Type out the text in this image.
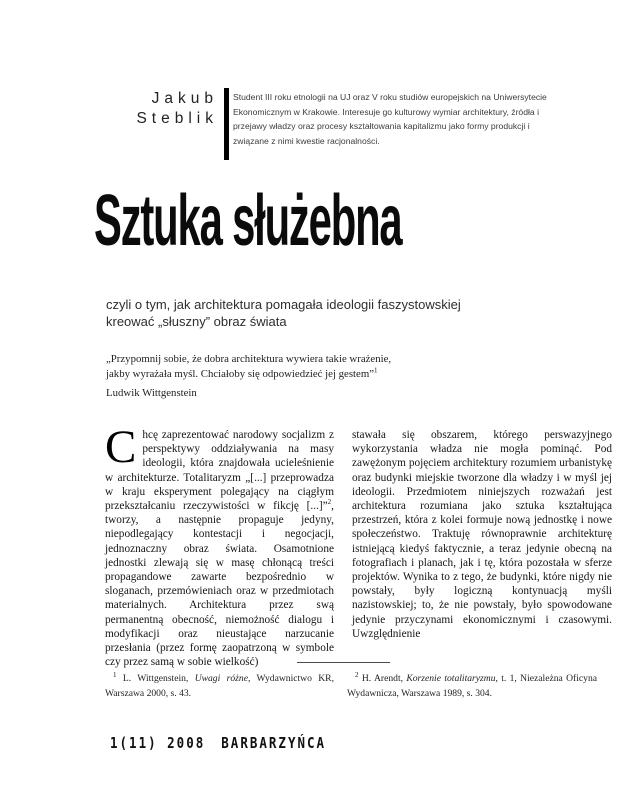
Jakub
Steblik
Student III roku etnologii na UJ oraz V roku studiów europejskich na Uniwersytecie Ekonomicznym w Krakowie. Interesuje go kulturowy wymiar architektury, źródła i przejawy władzy oraz procesy kształtowania kapitalizmu jako formy produkcji i związane z nimi kwestie racjonalności.
Sztuka służebna
czyli o tym, jak architektura pomagała ideologii faszystowskiej
kreować „słuszny” obraz świata
„Przypomnij sobie, że dobra architektura wywiera takie wrażenie,
jakby wyrażała myśl. Chciałoby się odpowiedzieć jej gestem”$^1$
Ludwik Wittgenstein
Chcę zaprezentować narodowy socjalizm z perspektywy oddziaływania na masy ideologii, która znajdowała ucieleśnienie w architekturze. Totalitaryzm „[...] przeprowadza w kraju eksperyment polegający na ciągłym przekształcaniu rzeczywistości w fikcję [...]”$^2$, tworzy, a następnie propaguje jedyny, niepodlegający kontestacji i negocjacji, jednoznaczny obraz świata. Osamotnione jednostki zlewają się w masę chłonącą treści propagandowe zawarte bezpośrednio w sloganach, przemówieniach oraz w przedmiotach materialnych. Architektura przez swą permanentną obecność, niemożność dialogu i modyfikacji oraz nieustające narzucanie przesłania (przez formę zaopatrzoną w symbole czy przez samą w sobie wielkość)
stawała się obszarem, którego perswazyjnego wykorzystania władza nie mogła pominąć. Pod zawężonym pojęciem architektury rozumiem urbanistykę oraz budynki miejskie tworzone dla władzy i w myśl jej ideologii. Przedmiotem niniejszych rozważań jest architektura rozumiana jako sztuka kształtująca przestrzeń, która z kolei formuje nową jednostkę i nowe społeczeństwo. Traktuję równoprawnie architekturę istniejącą kiedyś faktycznie, a teraz jedynie obecną na fotografiach i planach, jak i tę, która pozostała w sferze projektów. Wynika to z tego, że budynki, które nigdy nie powstały, były logiczną kontynuacją myśli nazistowskiej; to, że nie powstały, było spowodowane jedynie przyczynami ekonomicznymi i czasowymi. Uwzględnienie
$^1$ L. Wittgenstein, Uwagi różne, Wydawnictwo KR, Warszawa 2000, s. 43.
$^2$ H. Arendt, Korzenie totalitaryzmu, t. 1, Niezależna Oficyna Wydawnicza, Warszawa 1989, s. 304.
1(11) 2008 BARBARZYŃCA
